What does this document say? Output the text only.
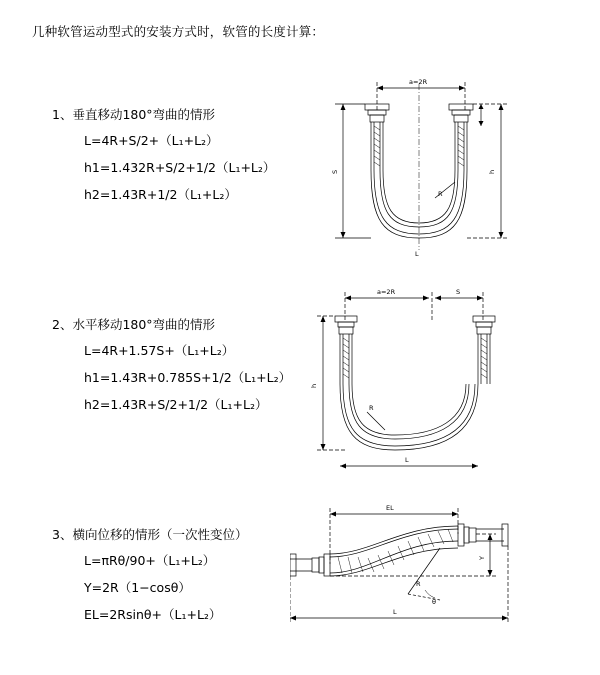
几种软管运动型式的安装方式时，软管的长度计算：
1、垂直移动180°弯曲的情形
L=4R+S/2+（L₁+L₂）
h1=1.432R+S/2+1/2（L₁+L₂）
h2=1.43R+1/2（L₁+L₂）
a=2R
R
L
h
S
2、水平移动180°弯曲的情形
L=4R+1.57S+（L₁+L₂）
h1=1.43R+0.785S+1/2（L₁+L₂）
h2=1.43R+S/2+1/2（L₁+L₂）
a=2R	S
R
h
L
3、横向位移的情形（一次性变位）
L=πRθ/90+（L₁+L₂）
Y=2R（1−cosθ）
EL=2Rsinθ+（L₁+L₂）
EL
L
Y
R
θ
